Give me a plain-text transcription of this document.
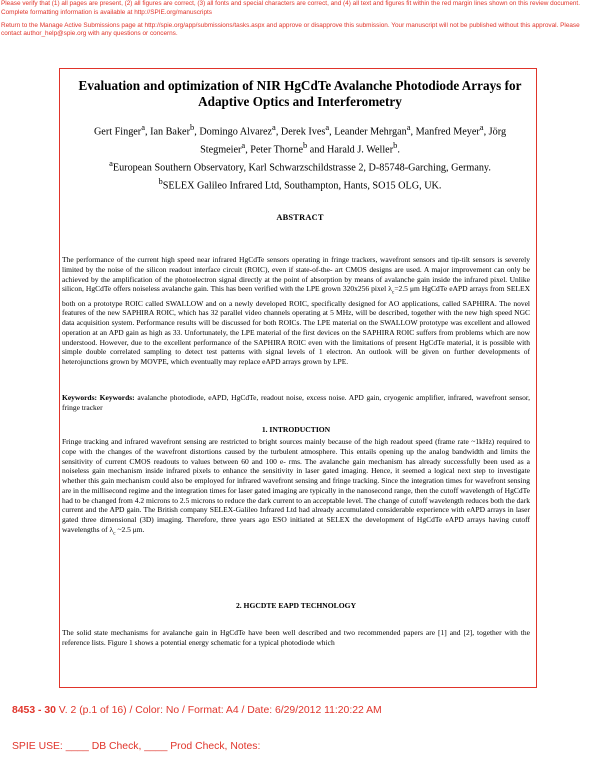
Please verify that (1) all pages are present, (2) all figures are correct, (3) all fonts and special characters are correct, and (4) all text and figures fit within the red margin lines shown on this review document. Complete formatting information is available at http://SPIE.org/manuscripts

Return to the Manage Active Submissions page at http://spie.org/app/submissions/tasks.aspx and approve or disapprove this submission. Your manuscript will not be published without this approval. Please contact author_help@spie.org with any questions or concerns.

Evaluation and optimization of NIR HgCdTe Avalanche Photodiode Arrays for Adaptive Optics and Interferometry
Gert Finger$^a$, Ian Baker$^b$, Domingo Alvarez$^a$, Derek Ives$^a$, Leander Mehrgan$^a$, Manfred Meyer$^a$, Jörg
Stegmeier$^a$, Peter Thorne$^b$ and Harald J. Weller$^b$.
$^a$European Southern Observatory, Karl Schwarzschildstrasse 2, D-85748-Garching, Germany.
$^b$SELEX Galileo Infrared Ltd, Southampton, Hants, SO15 OLG, UK.
ABSTRACT
The performance of the current high speed near infrared HgCdTe sensors operating in fringe trackers, wavefront sensors and tip-tilt sensors is severely limited by the noise of the silicon readout interface circuit (ROIC), even if state-of-the- art CMOS designs are used. A major improvement can only be achieved by the amplification of the photoelectron signal directly at the point of absorption by means of avalanche gain inside the infrared pixel. Unlike silicon, HgCdTe offers noiseless avalanche gain. This has been verified with the LPE grown 320x256 pixel $\lambda_c=2.5$ μm HgCdTe eAPD arrays from SELEX both on a prototype ROIC called SWALLOW and on a newly developed ROIC, specifically designed for AO applications, called SAPHIRA. The novel features of the new SAPHIRA ROIC, which has 32 parallel video channels operating at 5 MHz, will be described, together with the new high speed NGC data acquisition system. Performance results will be discussed for both ROICs. The LPE material on the SWALLOW prototype was excellent and allowed operation at an APD gain as high as 33. Unfortunately, the LPE material of the first devices on the SAPHIRA ROIC suffers from problems which are now understood. However, due to the excellent performance of the SAPHIRA ROIC even with the limitations of present HgCdTe material, it is possible with simple double correlated sampling to detect test patterns with signal levels of 1 electron. An outlook will be given on further developments of heterojunctions grown by MOVPE, which eventually may replace eAPD arrays grown by LPE.
Keywords: Keywords: avalanche photodiode, eAPD, HgCdTe, readout noise, excess noise. APD gain, cryogenic amplifier, infrared, wavefront sensor, fringe tracker
1. INTRODUCTION
Fringe tracking and infrared wavefront sensing are restricted to bright sources mainly because of the high readout speed (frame rate ~1kHz) required to cope with the changes of the wavefront distortions caused by the turbulent atmosphere. This entails opening up the analog bandwidth and limits the sensitivity of current CMOS readouts to values between 60 and 100 e- rms. The avalanche gain mechanism has already successfully been used as a noiseless gain mechanism inside infrared pixels to enhance the sensitivity in laser gated imaging. Hence, it seemed a logical next step to investigate whether this gain mechanism could also be employed for infrared wavefront sensing and fringe tracking. Since the integration times for wavefront sensing are in the millisecond regime and the integration times for laser gated imaging are typically in the nanosecond range, then the cutoff wavelength of HgCdTe had to be changed from 4.2 microns to 2.5 microns to reduce the dark current to an acceptable level. The change of cutoff wavelength reduces both the dark current and the APD gain. The British company SELEX-Galileo Infrared Ltd had already accumulated considerable experience with eAPD arrays in laser gated three dimensional (3D) imaging. Therefore, three years ago ESO initiated at SELEX the development of HgCdTe eAPD arrays having cutoff wavelengths of $\lambda_c$ ~2.5 μm.
2. HGCDTE EAPD TECHNOLOGY
The solid state mechanisms for avalanche gain in HgCdTe have been well described and two recommended papers are [1] and [2], together with the reference lists. Figure 1 shows a potential energy schematic for a typical photodiode which
8453 - 30 V. 2 (p.1 of 16) / Color: No / Format: A4 / Date: 6/29/2012 11:20:22 AM
SPIE USE: ____ DB Check, ____ Prod Check, Notes:
